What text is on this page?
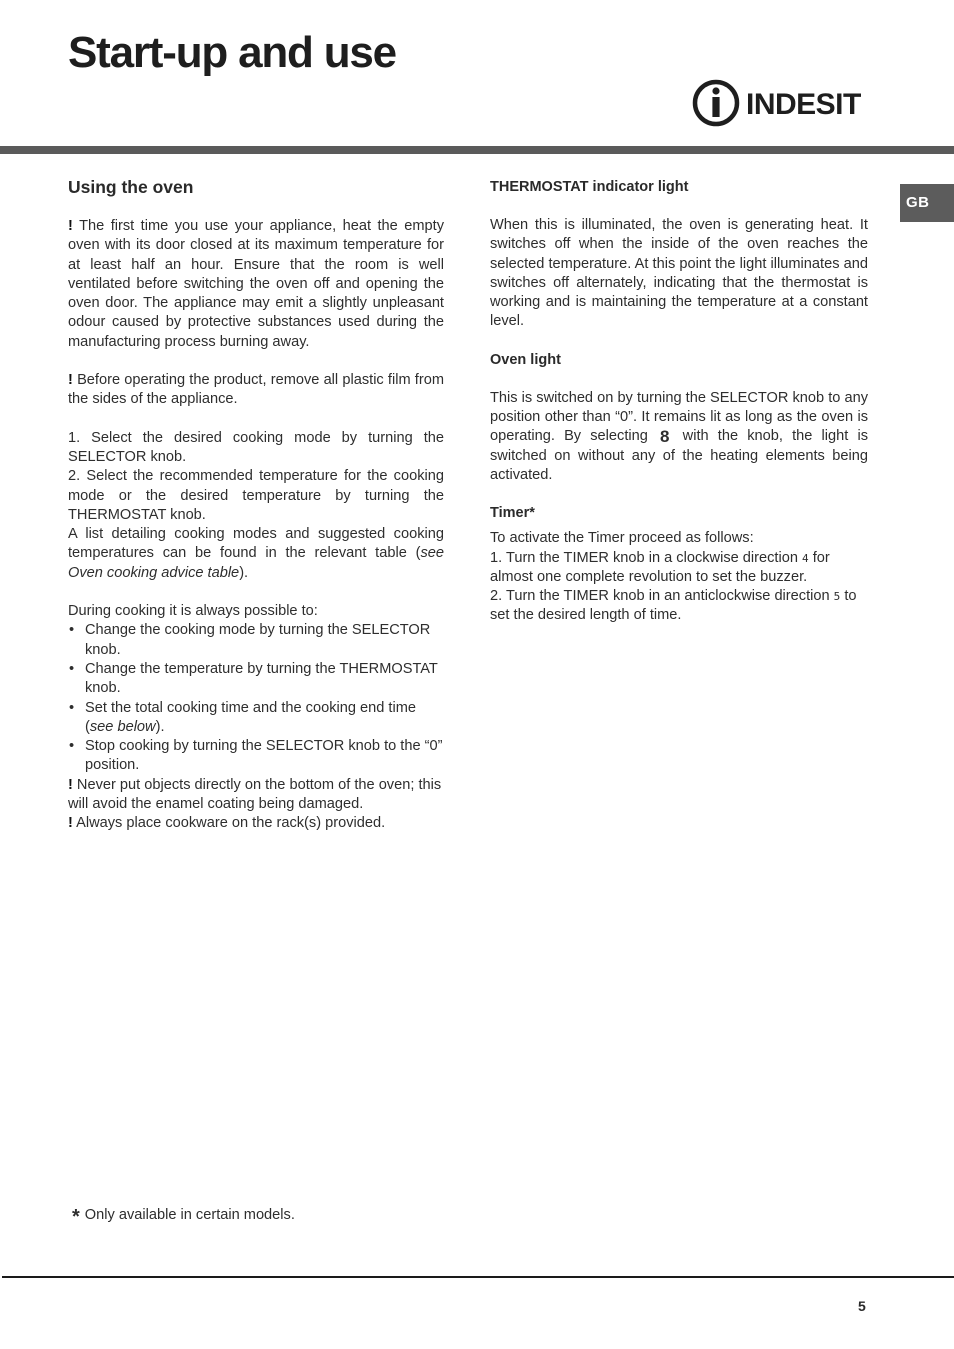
Start-up and use
INDESIT
GB
Using the oven

! The first time you use your appliance, heat the empty oven with its door closed at its maximum temperature for at least half an hour. Ensure that the room is well ventilated before switching the oven off and opening the oven door. The appliance may emit a slightly unpleasant odour caused by protective substances used during the manufacturing process burning away.

! Before operating the product, remove all plastic film from the sides of the appliance.

1. Select the desired cooking mode by turning the SELECTOR knob.

2. Select the recommended temperature for the cooking mode or the desired temperature by turning the THERMOSTAT knob.

A list detailing cooking modes and suggested cooking temperatures can be found in the relevant table (see Oven cooking advice table).

During cooking it is always possible to:

• Change the cooking mode by turning the SELECTOR knob.
• Change the temperature by turning the THERMOSTAT knob.
• Set the total cooking time and the cooking end time (see below).
• Stop cooking by turning the SELECTOR knob to the “0” position.

! Never put objects directly on the bottom of the oven; this will avoid the enamel coating being damaged.

! Always place cookware on the rack(s) provided.

THERMOSTAT indicator light

When this is illuminated, the oven is generating heat. It switches off when the inside of the oven reaches the selected temperature. At this point the light illuminates and switches off alternately, indicating that the thermostat is working and is maintaining the temperature at a constant level.

Oven light

This is switched on by turning the SELECTOR knob to any position other than “0”. It remains lit as long as the oven is operating. By selecting 8 with the knob, the light is switched on without any of the heating elements being activated.

Timer*

To activate the Timer proceed as follows:

1. Turn the TIMER knob in a clockwise direction 4 for almost one complete revolution to set the buzzer.

2. Turn the TIMER knob in an anticlockwise direction 5 to set the desired length of time.

* Only available in certain models.
5
